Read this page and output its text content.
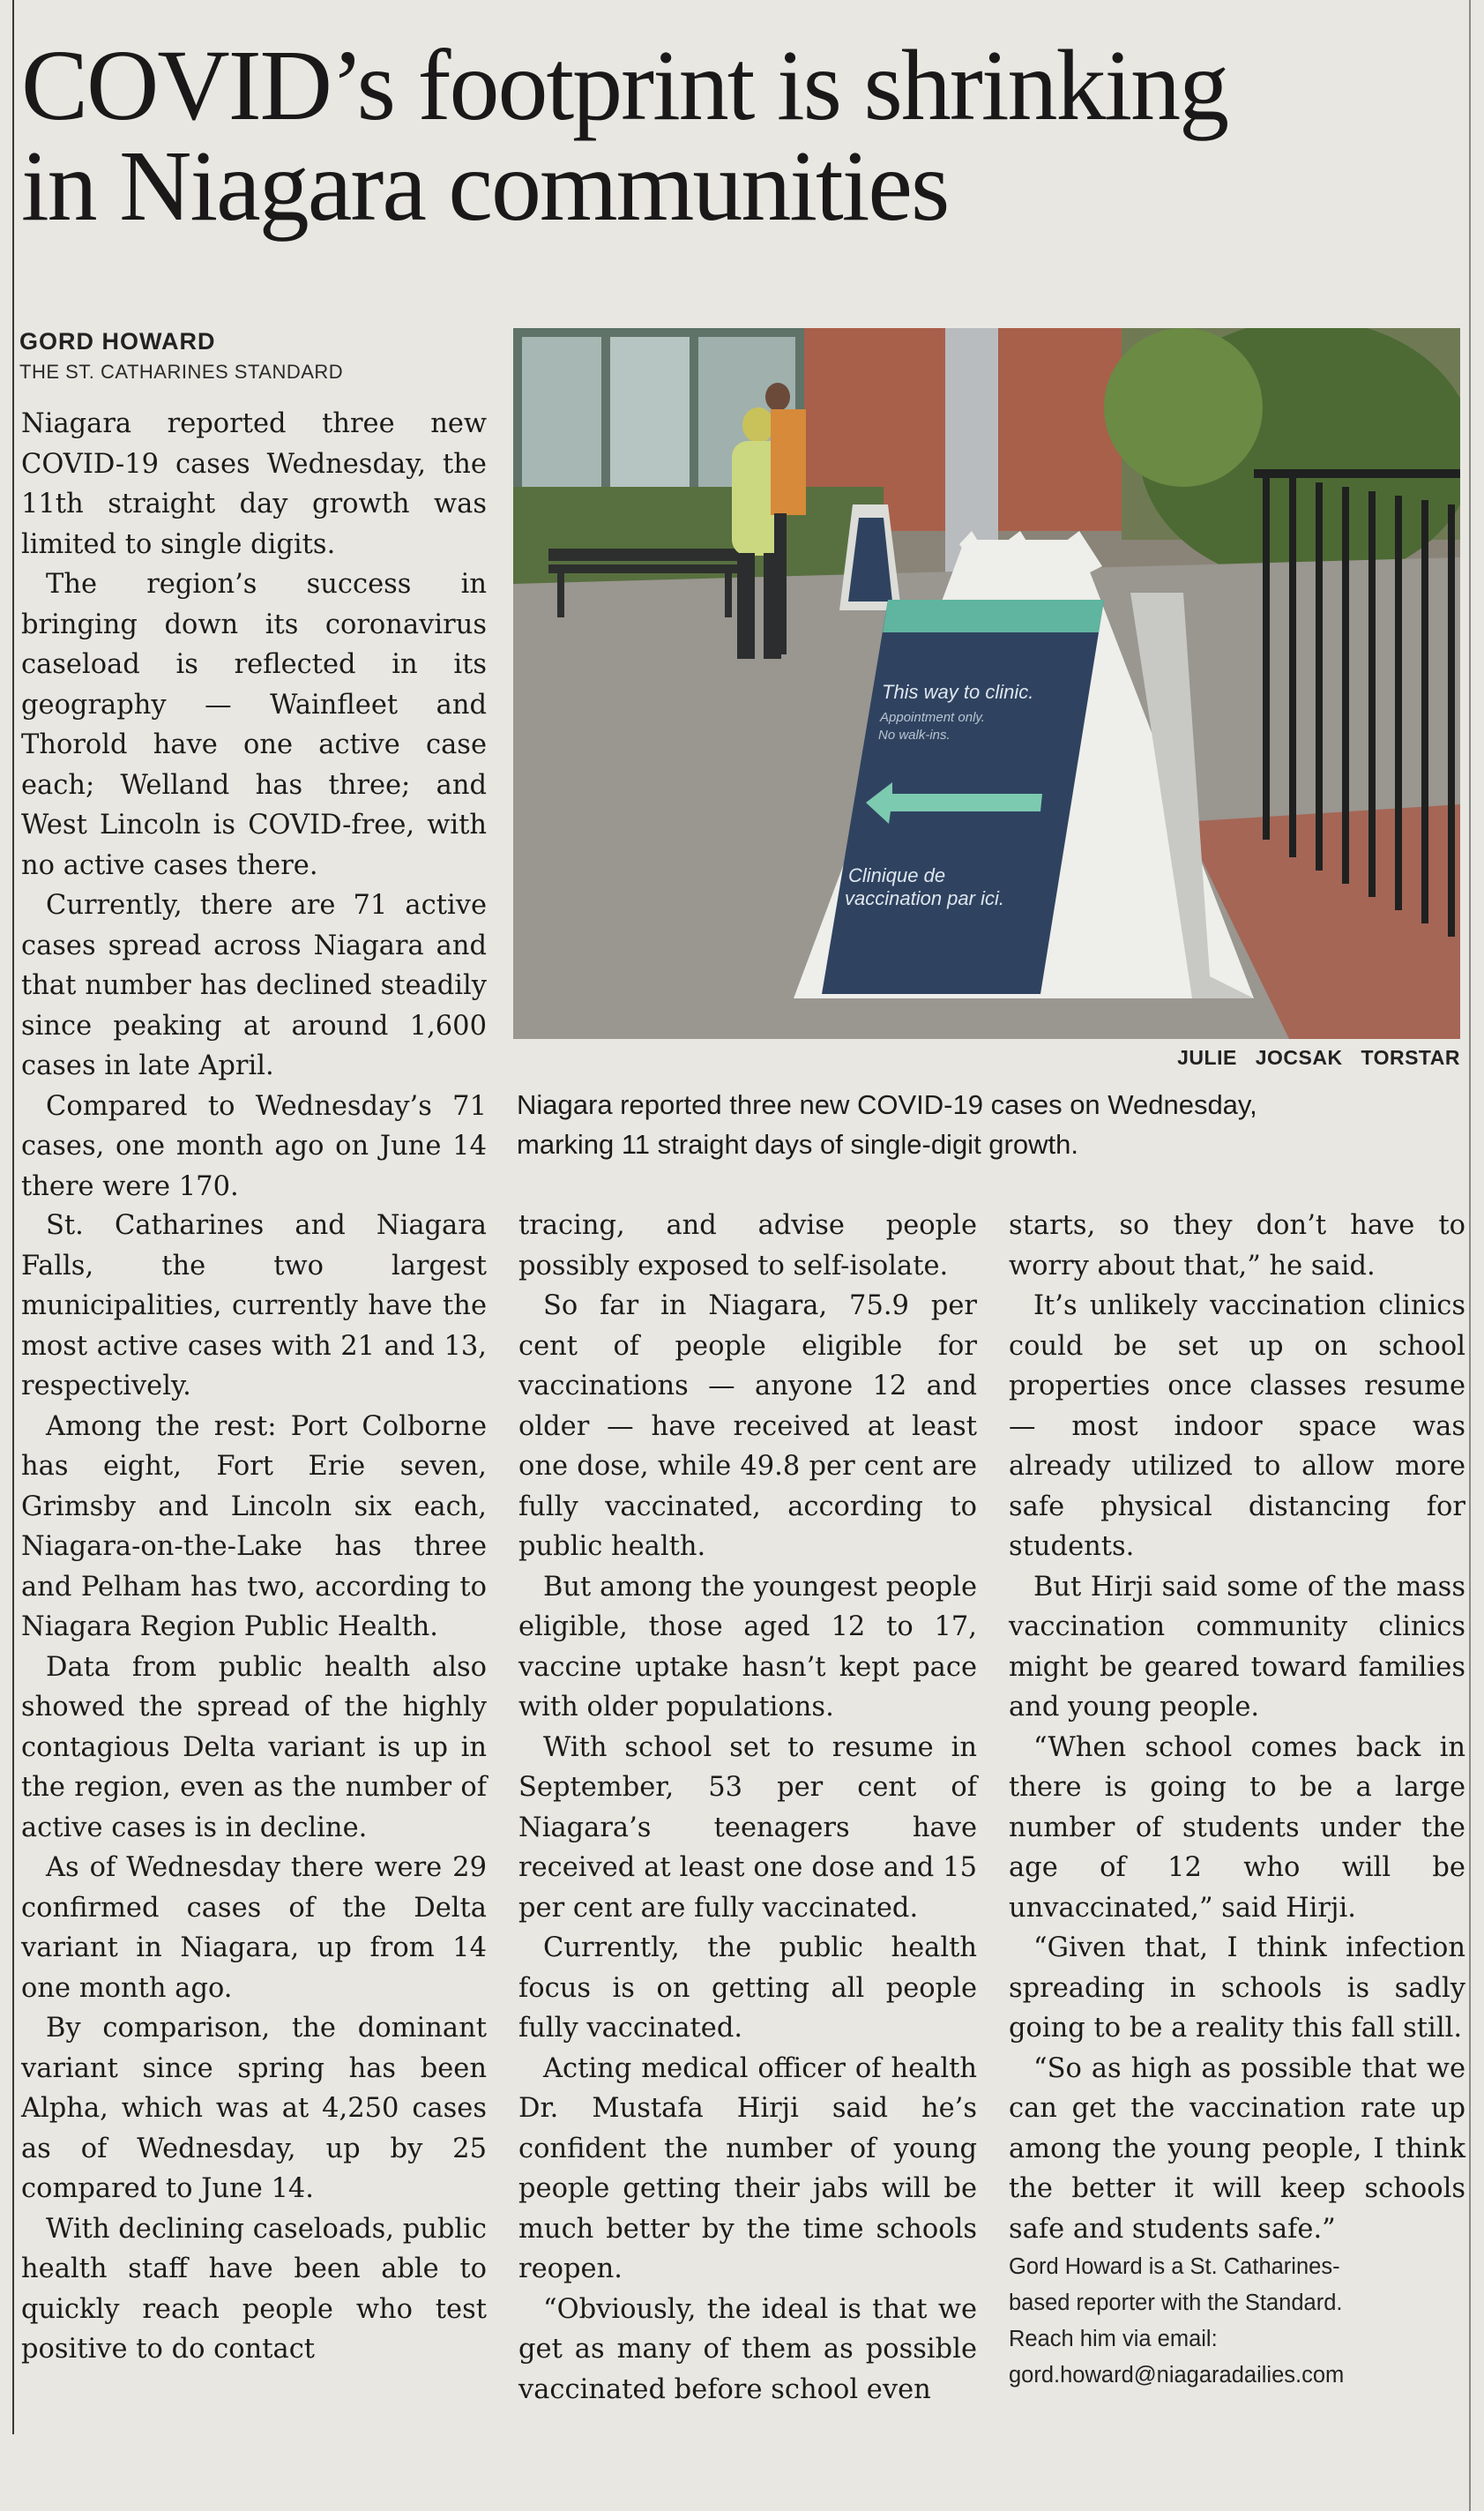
COVID’s footprint is shrinking
in Niagara communities
GORD HOWARD
THE ST. CATHARINES STANDARD
This way to clinic.
Appointment only.
No walk-ins.
Clinique de
vaccination par ici.
JULIE JOCSAK TORSTAR
Niagara reported three new COVID-19 cases on Wednesday,
marking 11 straight days of single-digit growth.

Niagara reported three new COVID-19 cases Wednesday, the 11th straight day growth was limited to single digits.

The region’s success in bringing down its coronavirus caseload is reflected in its geography — Wainfleet and Thorold have one active case each; Welland has three; and West Lincoln is COVID-free, with no active cases there.

Currently, there are 71 active cases spread across Niagara and that number has declined steadily since peaking at around 1,600 cases in late April.

Compared to Wednesday’s 71 cases, one month ago on June 14 there were 170.

St. Catharines and Niagara Falls, the two largest municipalities, currently have the most active cases with 21 and 13, respectively.

Among the rest: Port Colborne has eight, Fort Erie seven, Grimsby and Lincoln six each, Niagara-on-the-Lake has three and Pelham has two, according to Niagara Region Public Health.

Data from public health also showed the spread of the highly contagious Delta variant is up in the region, even as the number of active cases is in decline.

As of Wednesday there were 29 confirmed cases of the Delta variant in Niagara, up from 14 one month ago.

By comparison, the dominant variant since spring has been Alpha, which was at 4,250 cases as of Wednesday, up by 25 compared to June 14.

With declining caseloads, public health staff have been able to quickly reach people who test positive to do contact

tracing, and advise people possibly exposed to self-isolate.

So far in Niagara, 75.9 per cent of people eligible for vaccinations — anyone 12 and older — have received at least one dose, while 49.8 per cent are fully vaccinated, according to public health.

But among the youngest people eligible, those aged 12 to 17, vaccine uptake hasn’t kept pace with older populations.

With school set to resume in September, 53 per cent of Niagara’s teenagers have received at least one dose and 15 per cent are fully vaccinated.

Currently, the public health focus is on getting all people fully vaccinated.

Acting medical officer of health Dr. Mustafa Hirji said he’s confident the number of young people getting their jabs will be much better by the time schools reopen.

“Obviously, the ideal is that we get as many of them as possible vaccinated before school even

starts, so they don’t have to worry about that,” he said.

It’s unlikely vaccination clinics could be set up on school properties once classes resume — most indoor space was already utilized to allow more safe physical distancing for students.

But Hirji said some of the mass vaccination community clinics might be geared toward families and young people.

“When school comes back in there is going to be a large number of students under the age of 12 who will be unvaccinated,” said Hirji.

“Given that, I think infection spreading in schools is sadly going to be a reality this fall still.

“So as high as possible that we can get the vaccination rate up among the young people, I think the better it will keep schools safe and students safe.”

Gord Howard is a St. Catharines-
based reporter with the Standard.
Reach him via email:
gord.howard@niagaradailies.com
